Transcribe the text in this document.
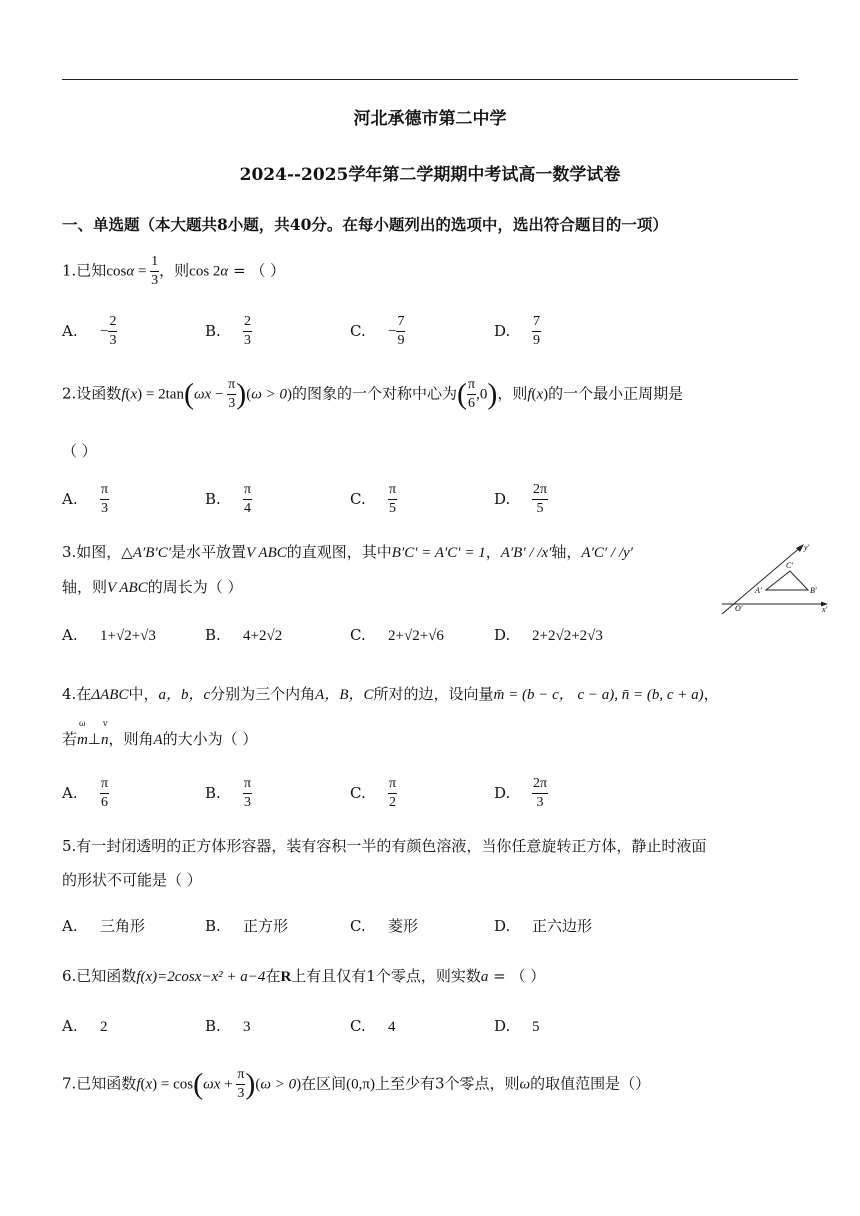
河北承德市第二中学
2024--2025学年第二学期期中考试高一数学试卷
一、单选题（本大题共8小题，共40分。在每小题列出的选项中，选出符合题目的一项）
1.已知$\cos\alpha = \frac{1}{3}$ ，则cos 2α = （ ）
A. − $\frac{2}{3}$	B. $\frac{2}{3}$	C. − $\frac{7}{9}$	D. $\frac{7}{9}$
2.设函数$f(x) = 2\tan(\omega x - \frac{\pi}{3} )(\omega > 0)$的图象的一个对称中心为( $\frac{\pi}{6} ,0$)，则f(x)的一个最小正周期是
（ ）
A. $\frac{\pi}{3}$	B. $\frac{\pi}{4}$	C. $\frac{\pi}{5}$	D. $\frac{2\pi}{5}$
3.如图，△A′B′C′是水平放置V ABC的直观图，其中B′C′ = A′C′ = 1，A′B′ / /x′轴，A′C′ / /y′
轴，则V ABC的周长为（ ）
y′
x′
O′
A′	B′
C′
A. 1+√2+√3	B. 4+2√2	C. 2+√2+√6	D. 2+2√2+2√3
4.在ΔABC中，a，b，c分别为三个内角A，B，C所对的边，设向量m̄ = (b − c， c − a), n̄ = (b, c + a)，
若
ω
m⊥
v
n，则角A的大小为（ ）
A. $\frac{\pi}{6}$	B. $\frac{\pi}{3}$	C. $\frac{\pi}{2}$	D. $\frac{2\pi}{3}$
5.有一封闭透明的正方体形容器，装有容积一半的有颜色溶液，当你任意旋转正方体，静止时液面
的形状不可能是（ ）
A. 三角形	B. 正方形	C. 菱形	D. 正六边形
6.已知函数f(x)=2cosx−x² + a−4在R上有且仅有1个零点，则实数a = （ ）
A. 2	B. 3	C. 4	D. 5
7.已知函数$f(x) = \cos(\omega x + \frac{\pi}{3} )(\omega > 0)$在区间(0,π)上至少有3个零点，则ω的取值范围是（）
